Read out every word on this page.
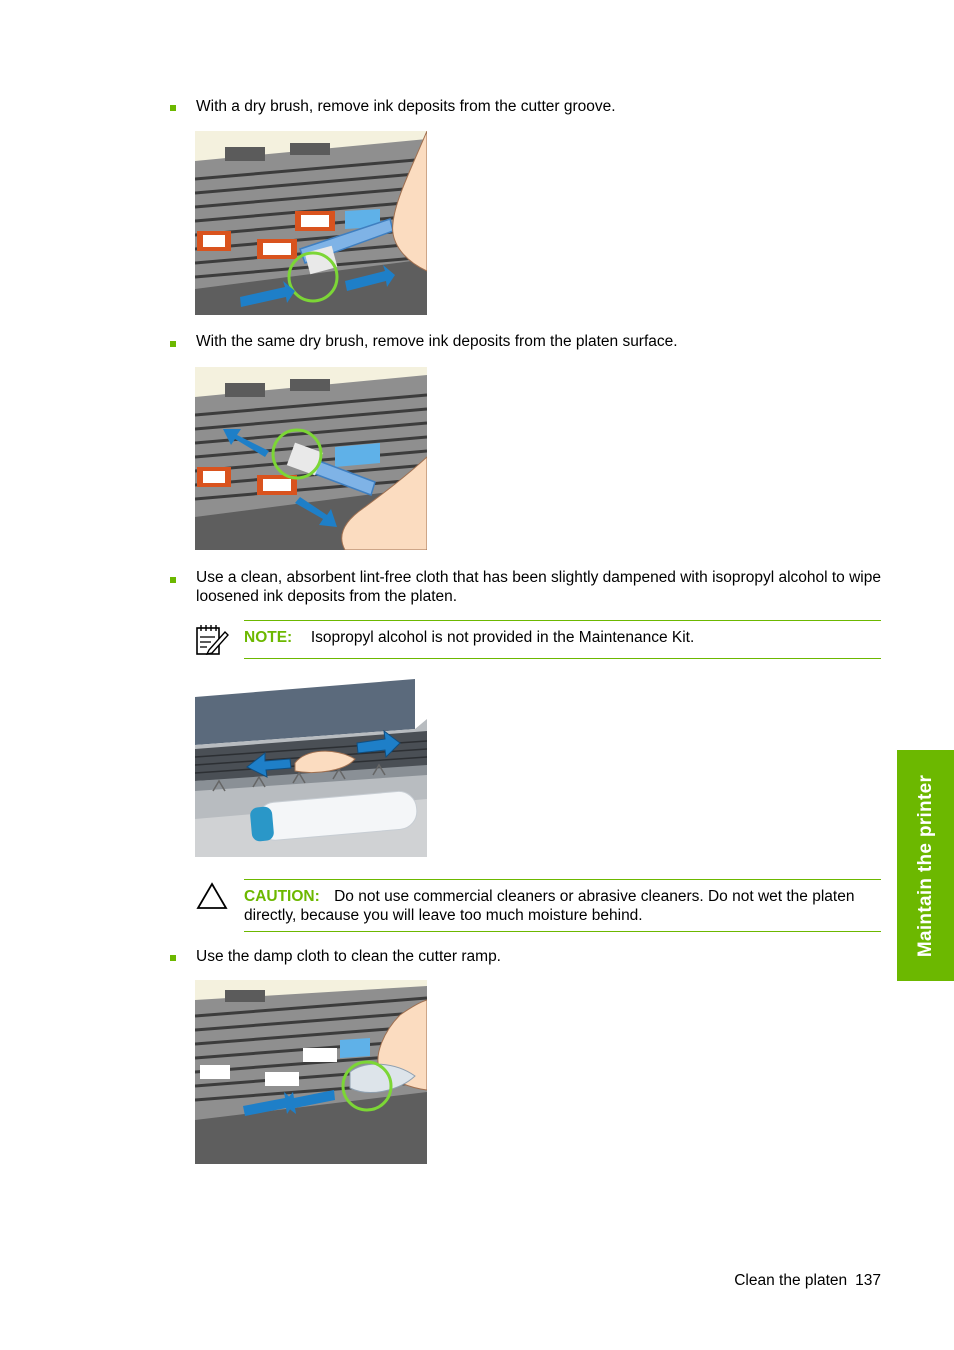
With a dry brush, remove ink deposits from the cutter groove.
With the same dry brush, remove ink deposits from the platen surface.
Use a clean, absorbent lint-free cloth that has been slightly dampened with isopropyl alcohol to wipe loosened ink deposits from the platen.
NOTE: Isopropyl alcohol is not provided in the Maintenance Kit.
CAUTION: Do not use commercial cleaners or abrasive cleaners. Do not wet the platen directly, because you will leave too much moisture behind.
Use the damp cloth to clean the cutter ramp.	Maintain the printer
Clean the platen 137
